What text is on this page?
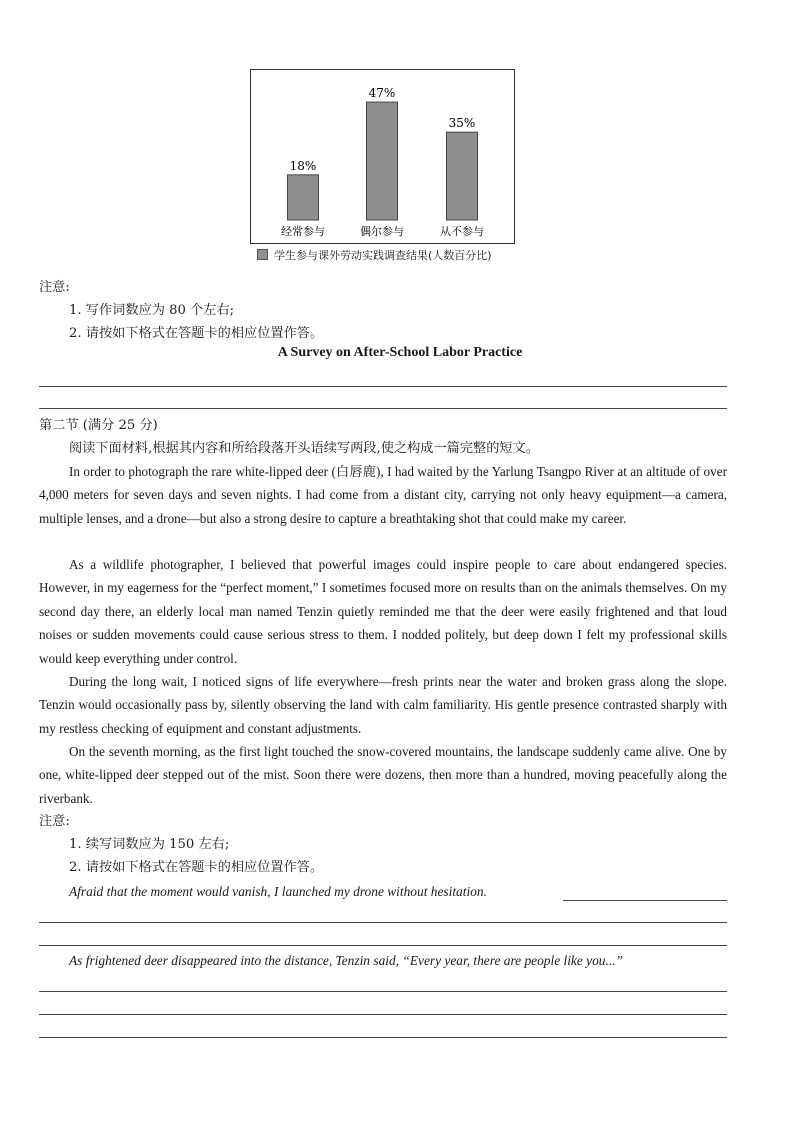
18%
经常参与
47%
偶尔参与
35%
从不参与
学生参与课外劳动实践调查结果(人数百分比)
注意:
1. 写作词数应为 80 个左右;
2. 请按如下格式在答题卡的相应位置作答。
A Survey on After-School Labor Practice
第二节 (满分 25 分)
阅读下面材料,根据其内容和所给段落开头语续写两段,使之构成一篇完整的短文。
In order to photograph the rare white-lipped deer (白唇鹿), I had waited by the Yarlung Tsangpo River at an altitude of over 4,000 meters for seven days and seven nights. I had come from a distant city, carrying not only heavy equipment—a camera, multiple lenses, and a drone—but also a strong desire to capture a breathtaking shot that could make my career.
As a wildlife photographer, I believed that powerful images could inspire people to care about endangered species. However, in my eagerness for the “perfect moment,” I sometimes focused more on results than on the animals themselves. On my second day there, an elderly local man named Tenzin quietly reminded me that the deer were easily frightened and that loud noises or sudden movements could cause serious stress to them. I nodded politely, but deep down I felt my professional skills would keep everything under control.
During the long wait, I noticed signs of life everywhere—fresh prints near the water and broken grass along the slope. Tenzin would occasionally pass by, silently observing the land with calm familiarity. His gentle presence contrasted sharply with my restless checking of equipment and constant adjustments.
On the seventh morning, as the first light touched the snow-covered mountains, the landscape suddenly came alive. One by one, white-lipped deer stepped out of the mist. Soon there were dozens, then more than a hundred, moving peacefully along the riverbank.
注意:
1. 续写词数应为 150 左右;
2. 请按如下格式在答题卡的相应位置作答。
Afraid that the moment would vanish, I launched my drone without hesitation.
As frightened deer disappeared into the distance, Tenzin said, “Every year, there are people like you...”
